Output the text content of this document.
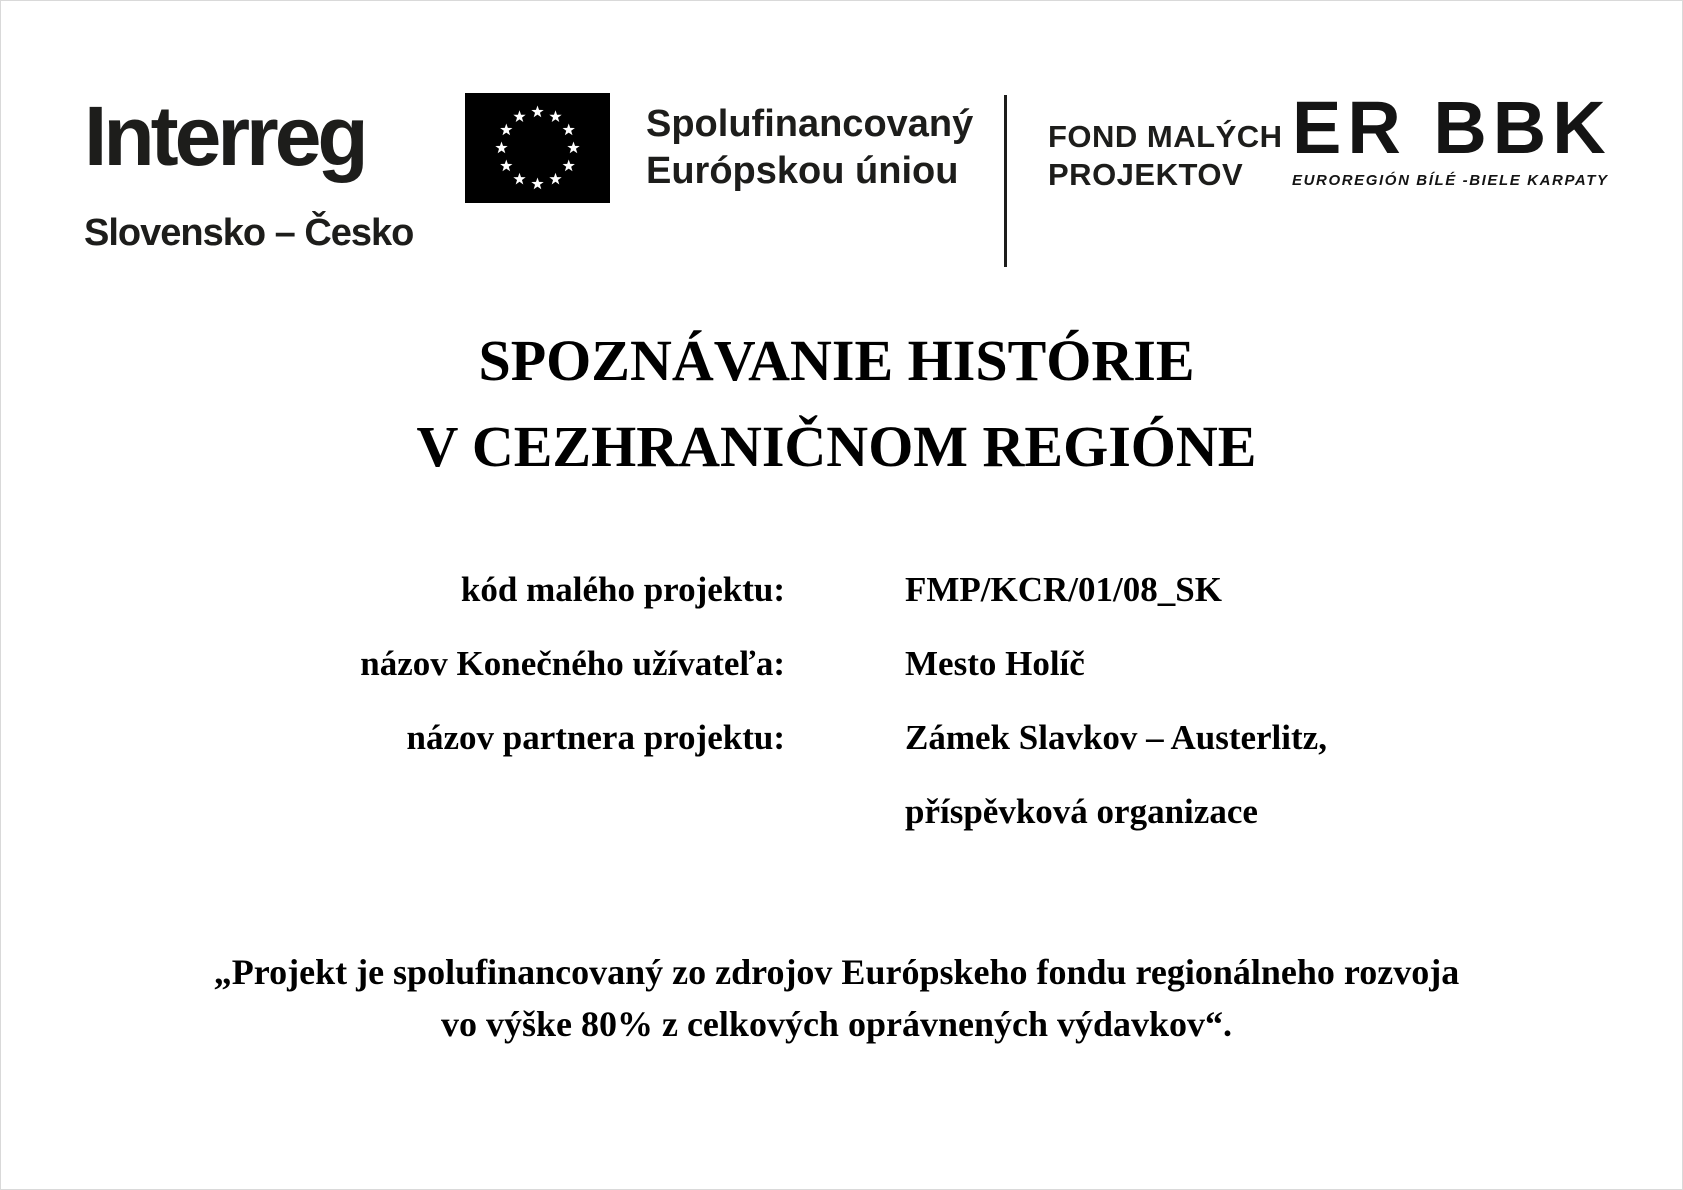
Interreg
Slovensko – Česko
Spolufinancovaný
Európskou úniou
FOND MALÝCH
PROJEKTOV
ER BBK
EUROREGIÓN BÍLÉ -BIELE KARPATY
SPOZNÁVANIE HISTÓRIE
V CEZHRANIČNOM REGIÓNE
kód malého projektu:	FMP/KCR/01/08_SK
názov Konečného užívateľa:	Mesto Holíč
názov partnera projektu:	Zámek Slavkov – Austerlitz,
příspěvková organizace
„Projekt je spolufinancovaný zo zdrojov Európskeho fondu regionálneho rozvoja
vo výške 80% z celkových oprávnených výdavkov“.
